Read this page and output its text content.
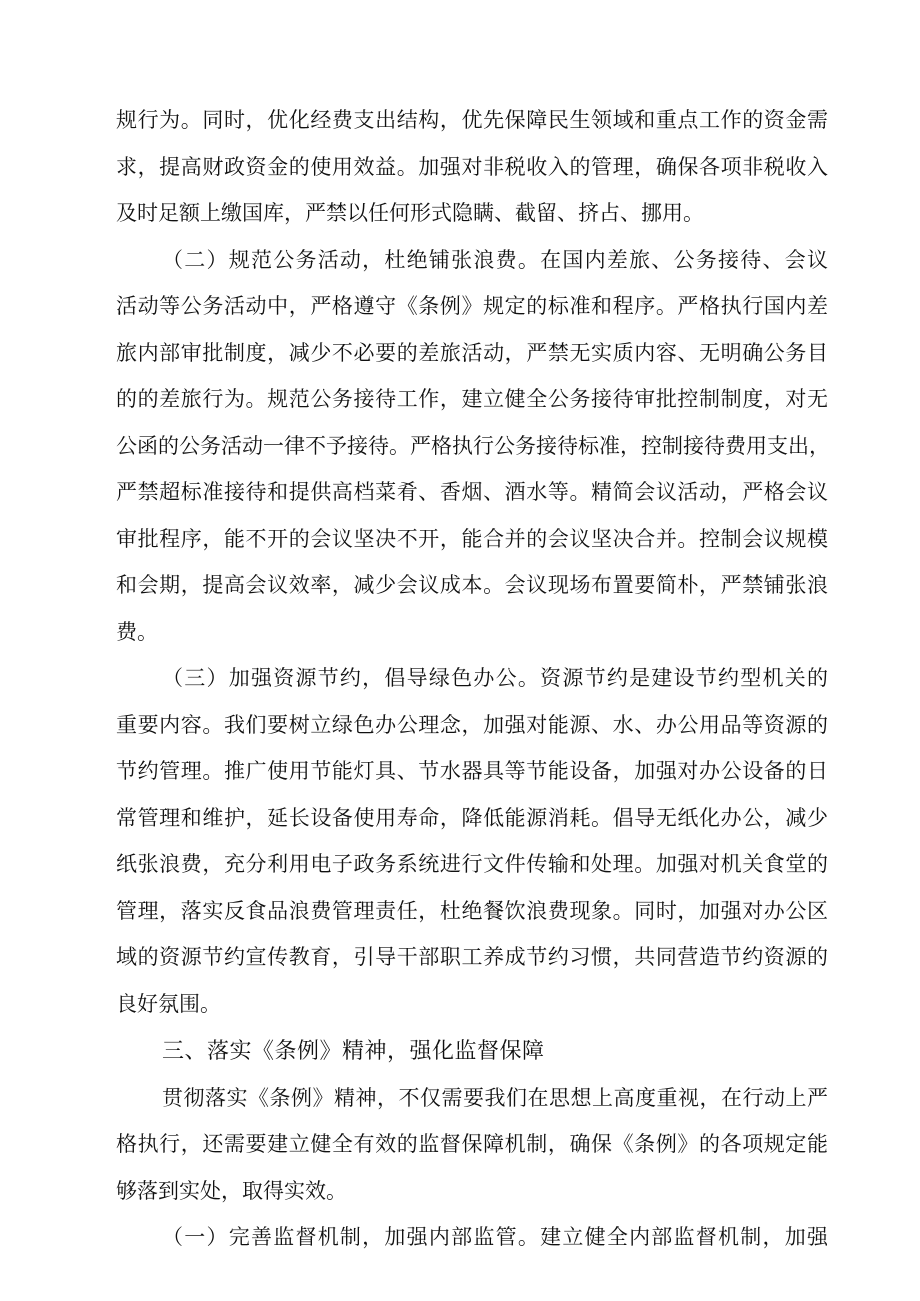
规行为。同时，优化经费支出结构，优先保障民生领域和重点工作的资金需
求，提高财政资金的使用效益。加强对非税收入的管理，确保各项非税收入
及时足额上缴国库，严禁以任何形式隐瞒、截留、挤占、挪用。
（二）规范公务活动，杜绝铺张浪费。在国内差旅、公务接待、会议
活动等公务活动中，严格遵守《条例》规定的标准和程序。严格执行国内差
旅内部审批制度，减少不必要的差旅活动，严禁无实质内容、无明确公务目
的的差旅行为。规范公务接待工作，建立健全公务接待审批控制制度，对无
公函的公务活动一律不予接待。严格执行公务接待标准，控制接待费用支出，
严禁超标准接待和提供高档菜肴、香烟、酒水等。精简会议活动，严格会议
审批程序，能不开的会议坚决不开，能合并的会议坚决合并。控制会议规模
和会期，提高会议效率，减少会议成本。会议现场布置要简朴，严禁铺张浪
费。
（三）加强资源节约，倡导绿色办公。资源节约是建设节约型机关的
重要内容。我们要树立绿色办公理念，加强对能源、水、办公用品等资源的
节约管理。推广使用节能灯具、节水器具等节能设备，加强对办公设备的日
常管理和维护，延长设备使用寿命，降低能源消耗。倡导无纸化办公，减少
纸张浪费，充分利用电子政务系统进行文件传输和处理。加强对机关食堂的
管理，落实反食品浪费管理责任，杜绝餐饮浪费现象。同时，加强对办公区
域的资源节约宣传教育，引导干部职工养成节约习惯，共同营造节约资源的
良好氛围。
三、落实《条例》精神，强化监督保障
贯彻落实《条例》精神，不仅需要我们在思想上高度重视，在行动上严
格执行，还需要建立健全有效的监督保障机制，确保《条例》的各项规定能
够落到实处，取得实效。
（一）完善监督机制，加强内部监管。建立健全内部监督机制，加强
